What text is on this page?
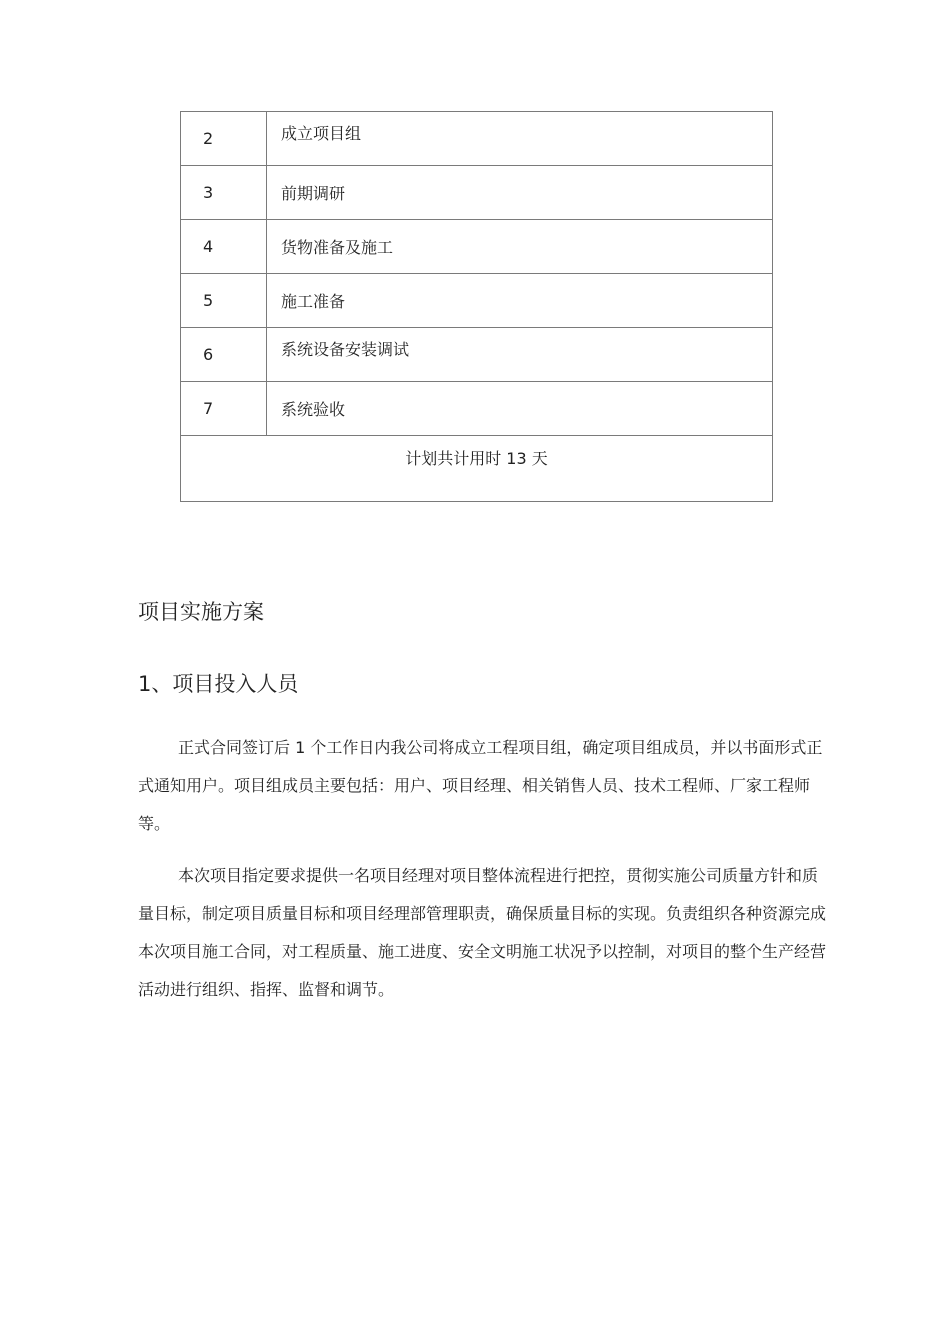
2	成立项目组
3	前期调研
4	货物准备及施工
5	施工准备
6	系统设备安装调试
7	系统验收
计划共计用时 13 天	
项目实施方案
1、项目投入人员

正式合同签订后 1 个工作日内我公司将成立工程项目组，确定项目组成员，并以书面形式正式通知用户。项目组成员主要包括：用户、项目经理、相关销售人员、技术工程师、厂家工程师等。

本次项目指定要求提供一名项目经理对项目整体流程进行把控，贯彻实施公司质量方针和质量目标，制定项目质量目标和项目经理部管理职责，确保质量目标的实现。负责组织各种资源完成本次项目施工合同，对工程质量、施工进度、安全文明施工状况予以控制，对项目的整个生产经营活动进行组织、指挥、监督和调节。
